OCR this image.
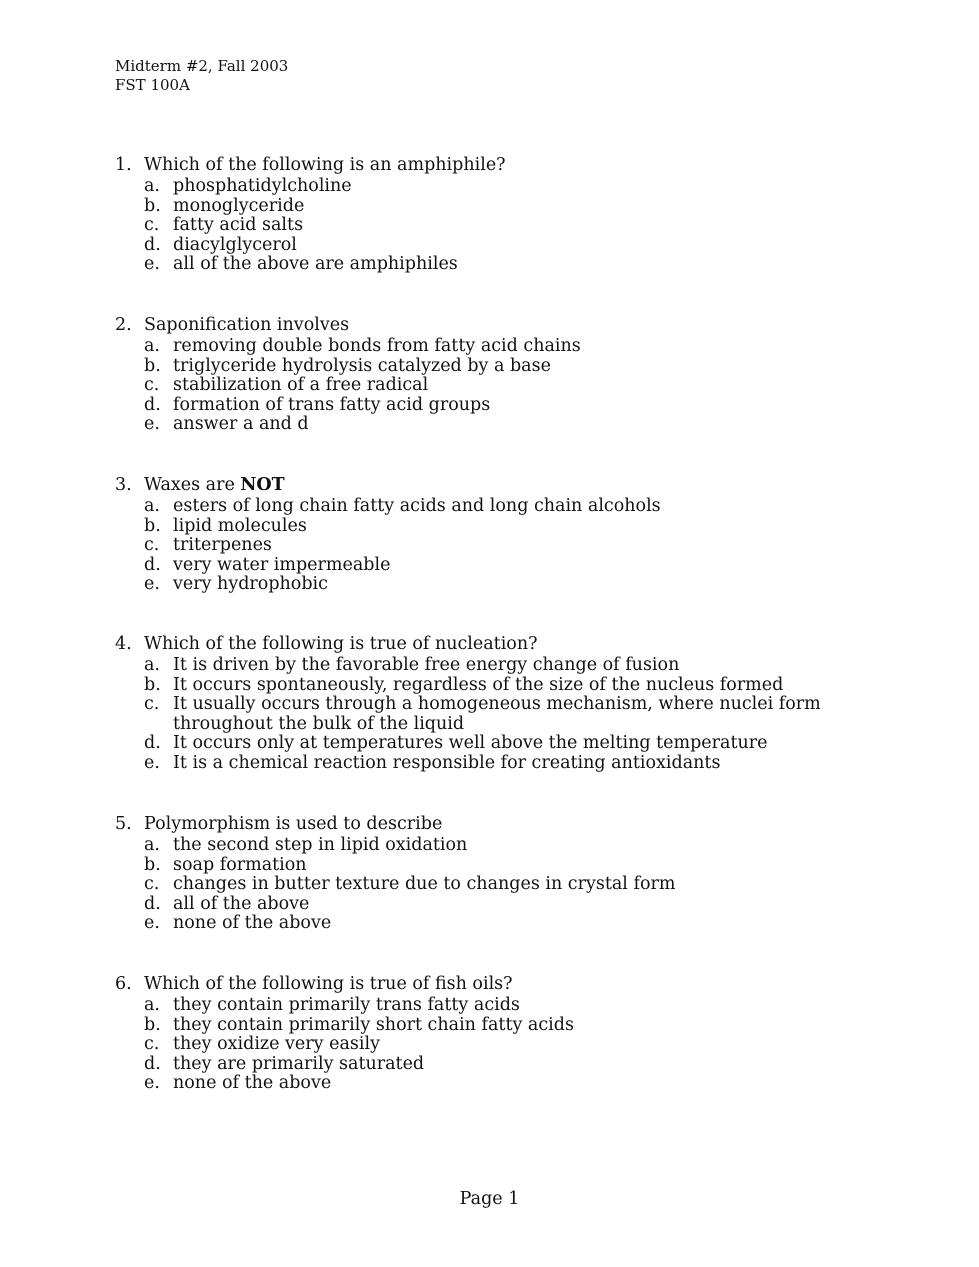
Midterm #2, Fall 2003
FST 100A
1. Which of the following is an amphiphile?
a. phosphatidylcholine
b. monoglyceride
c. fatty acid salts
d. diacylglycerol
e. all of the above are amphiphiles
2. Saponification involves
a. removing double bonds from fatty acid chains
b. triglyceride hydrolysis catalyzed by a base
c. stabilization of a free radical
d. formation of trans fatty acid groups
e. answer a and d
3. Waxes are NOT
a. esters of long chain fatty acids and long chain alcohols
b. lipid molecules
c. triterpenes
d. very water impermeable
e. very hydrophobic
4. Which of the following is true of nucleation?
a. It is driven by the favorable free energy change of fusion
b. It occurs spontaneously, regardless of the size of the nucleus formed
c. It usually occurs through a homogeneous mechanism, where nuclei form throughout the bulk of the liquid
d. It occurs only at temperatures well above the melting temperature
e. It is a chemical reaction responsible for creating antioxidants
5. Polymorphism is used to describe
a. the second step in lipid oxidation
b. soap formation
c. changes in butter texture due to changes in crystal form
d. all of the above
e. none of the above
6. Which of the following is true of fish oils?
a. they contain primarily trans fatty acids
b. they contain primarily short chain fatty acids
c. they oxidize very easily
d. they are primarily saturated
e. none of the above
Page 1
